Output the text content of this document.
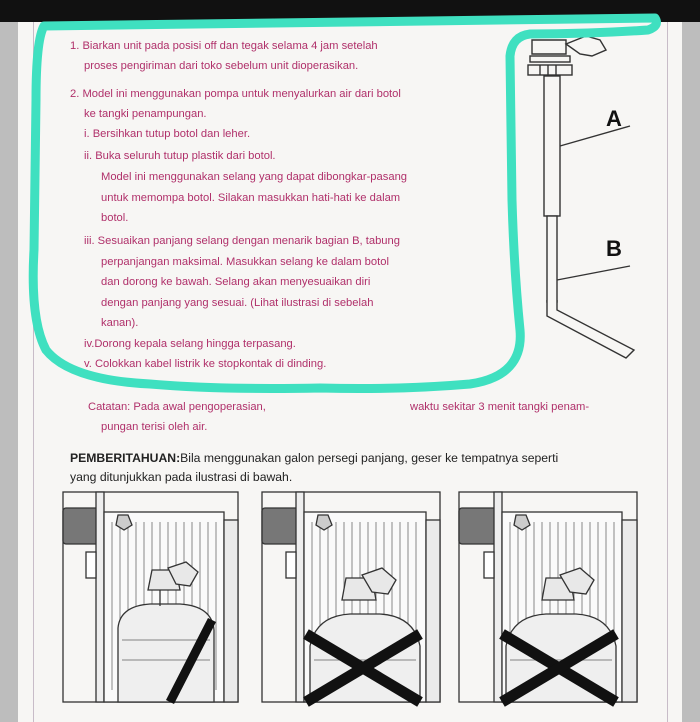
1. Biarkan unit pada posisi off dan tegak selama 4 jam setelah
proses pengiriman dari toko sebelum unit dioperasikan.
2. Model ini menggunakan pompa untuk menyalurkan air dari botol
ke tangki penampungan.
i. Bersihkan tutup botol dan leher.
ii. Buka seluruh tutup plastik dari botol.
Model ini menggunakan selang yang dapat dibongkar-pasang
untuk memompa botol. Silakan masukkan hati-hati ke dalam
botol.
iii. Sesuaikan panjang selang dengan menarik bagian B, tabung
perpanjangan maksimal. Masukkan selang ke dalam botol
dan dorong ke bawah. Selang akan menyesuaikan diri
dengan panjang yang sesuai. (Lihat ilustrasi di sebelah
kanan).
iv.Dorong kepala selang hingga terpasang.
v. Colokkan kabel listrik ke stopkontak di dinding.
Catatan: Pada awal pengoperasian,	waktu sekitar 3 menit tangki penam-
pungan terisi oleh air.
PEMBERITAHUAN:Bila menggunakan galon persegi panjang, geser ke tempatnya seperti
yang ditunjukkan pada ilustrasi di bawah.
A
B
